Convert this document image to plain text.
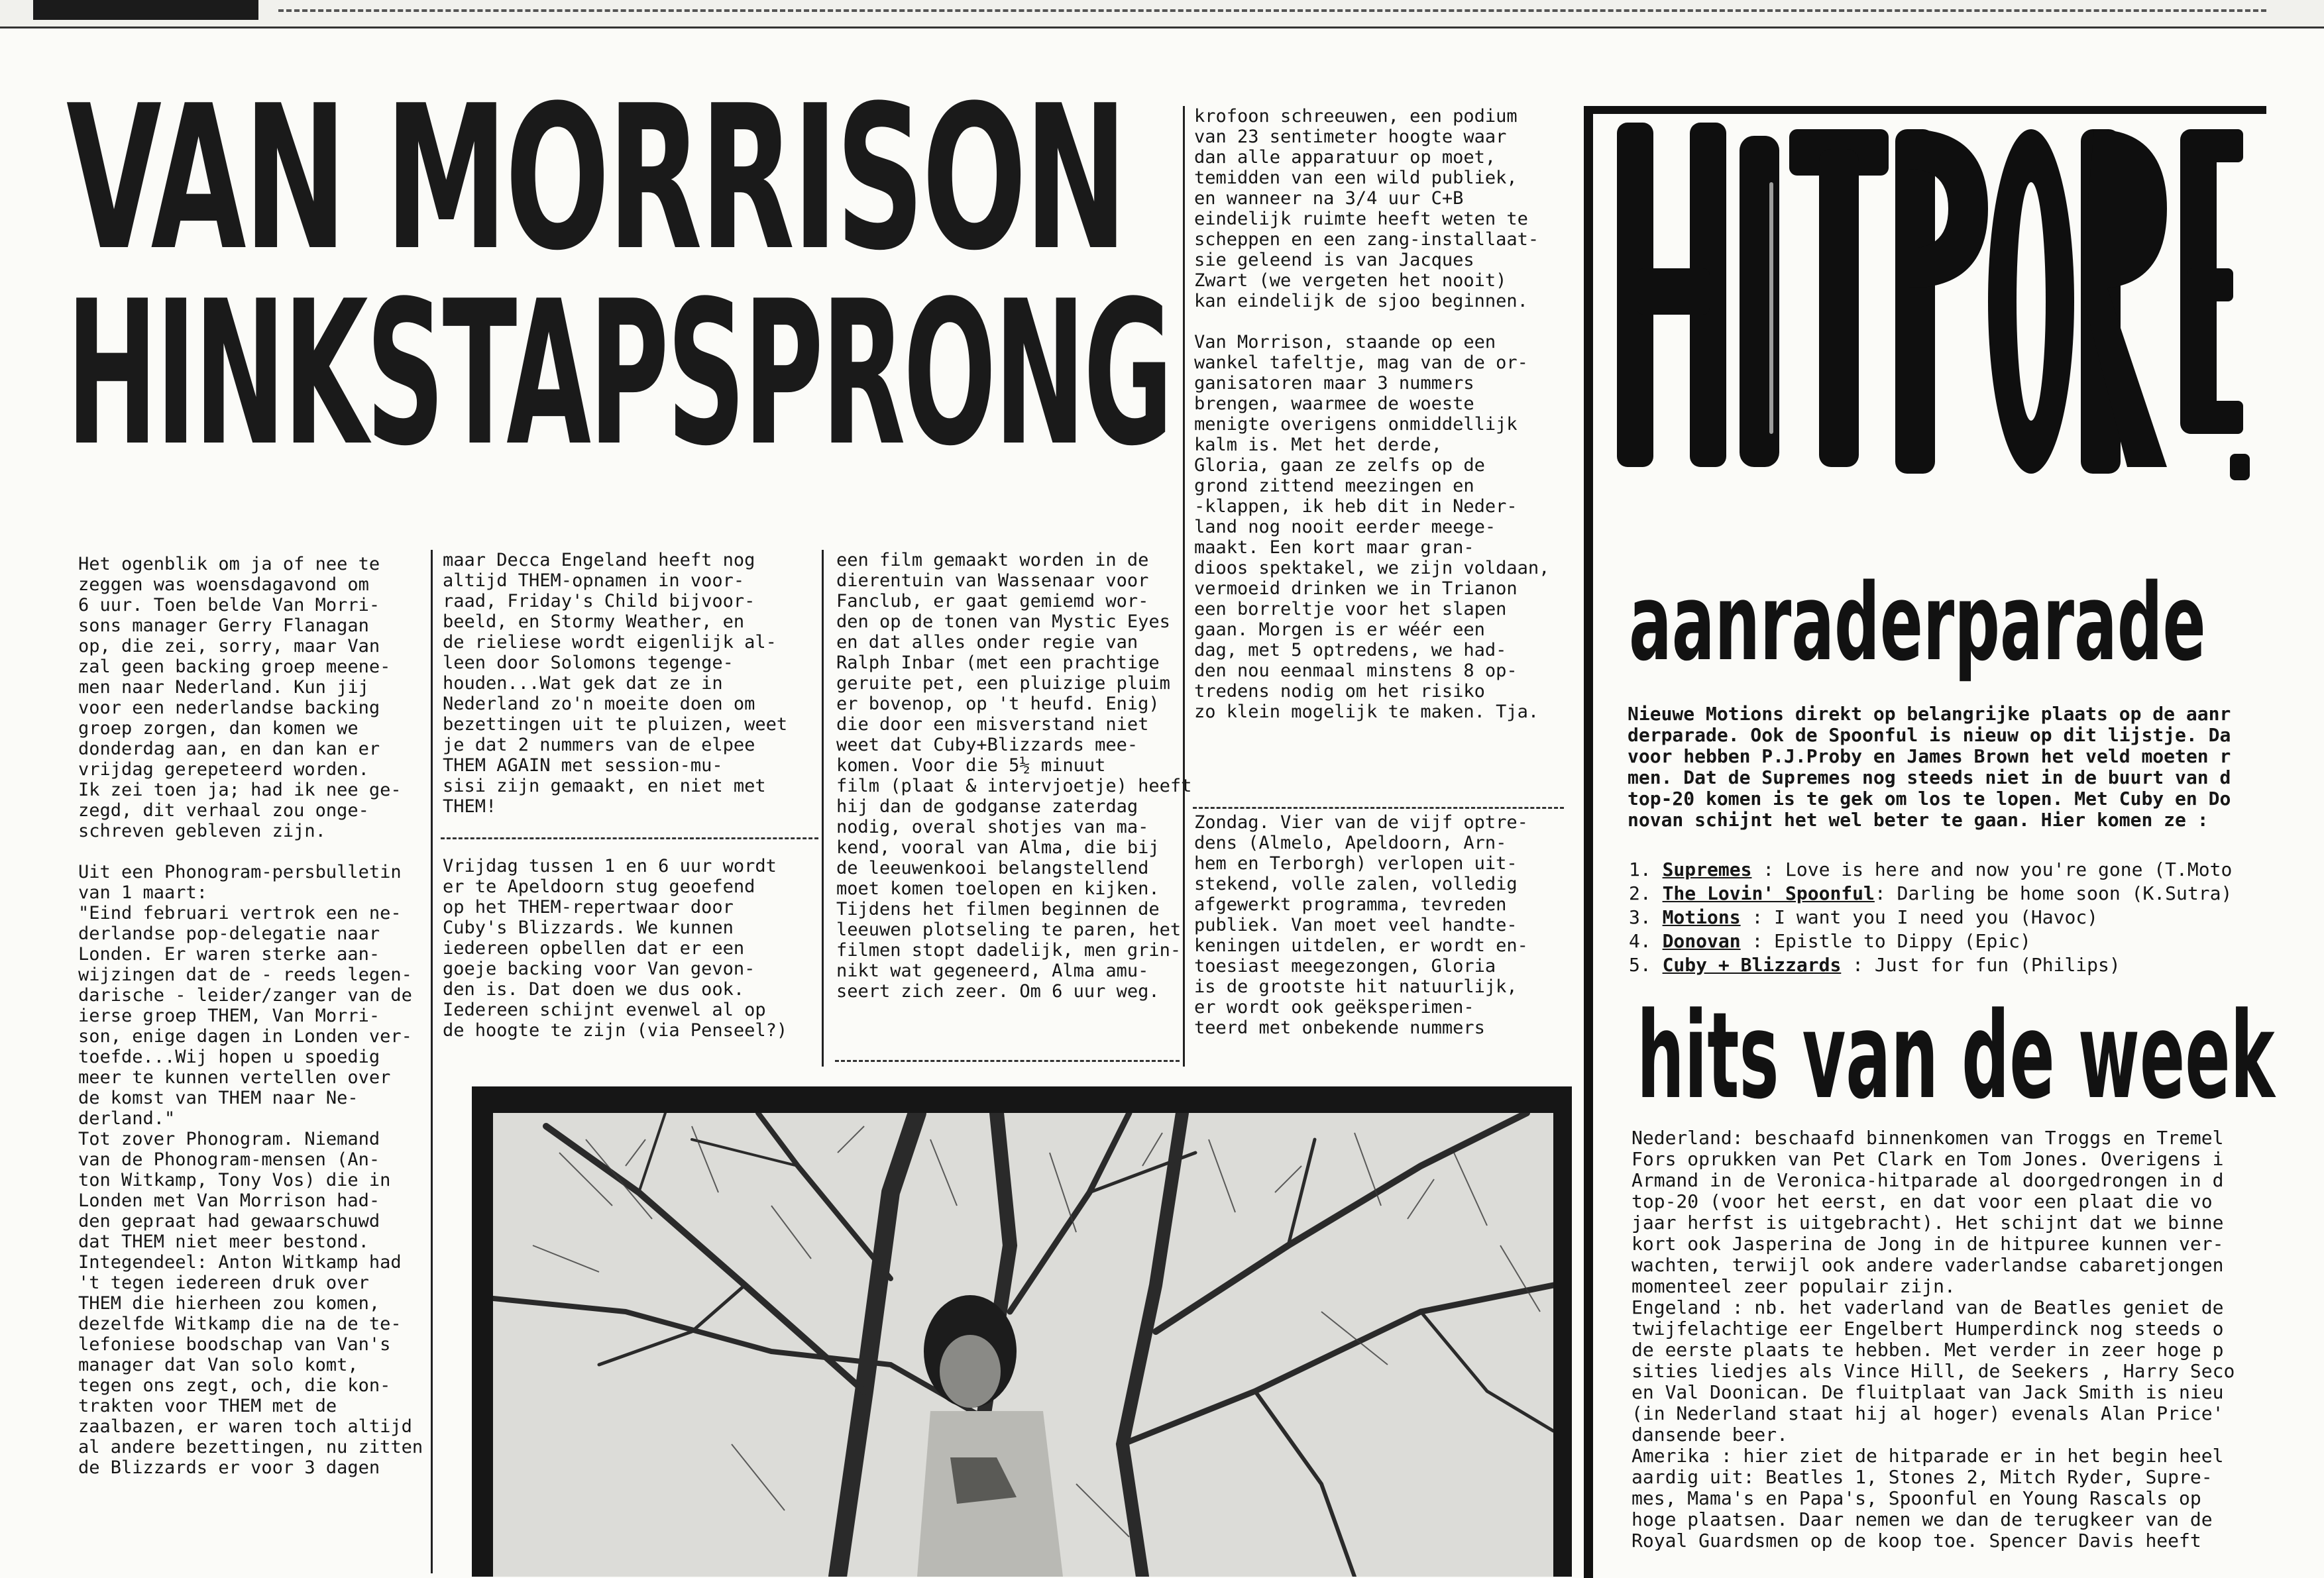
VAN MORRISON
HINKSTAPSPRONG
Het ogenblik om ja of nee te
zeggen was woensdagavond om
6 uur. Toen belde Van Morri-
sons manager Gerry Flanagan
op, die zei, sorry, maar Van
zal geen backing groep meene-
men naar Nederland. Kun jij
voor een nederlandse backing
groep zorgen, dan komen we
donderdag aan, en dan kan er
vrijdag gerepeteerd worden.
Ik zei toen ja; had ik nee ge-
zegd, dit verhaal zou onge-
schreven gebleven zijn.

Uit een Phonogram-persbulletin
van 1 maart:
"Eind februari vertrok een ne-
derlandse pop-delegatie naar
Londen. Er waren sterke aan-
wijzingen dat de - reeds legen-
darische - leider/zanger van de
ierse groep THEM, Van Morri-
son, enige dagen in Londen ver-
toefde...Wij hopen u spoedig
meer te kunnen vertellen over
de komst van THEM naar Ne-
derland."
Tot zover Phonogram. Niemand
van de Phonogram-mensen (An-
ton Witkamp, Tony Vos) die in
Londen met Van Morrison had-
den gepraat had gewaarschuwd
dat THEM niet meer bestond.
Integendeel: Anton Witkamp had
't tegen iedereen druk over
THEM die hierheen zou komen,
dezelfde Witkamp die na de te-
lefoniese boodschap van Van's
manager dat Van solo komt,
tegen ons zegt, och, die kon-
trakten voor THEM met de
zaalbazen, er waren toch altijd
al andere bezettingen, nu zitten
de Blizzards er voor 3 dagen
maar Decca Engeland heeft nog
altijd THEM-opnamen in voor-
raad, Friday's Child bijvoor-
beeld, en Stormy Weather, en
de rieliese wordt eigenlijk al-
leen door Solomons tegenge-
houden...Wat gek dat ze in
Nederland zo'n moeite doen om
bezettingen uit te pluizen, weet
je dat 2 nummers van de elpee
THEM AGAIN met session-mu-
sisi zijn gemaakt, en niet met
THEM!
Vrijdag tussen 1 en 6 uur wordt
er te Apeldoorn stug geoefend
op het THEM-repertwaar door
Cuby's Blizzards. We kunnen
iedereen opbellen dat er een
goeje backing voor Van gevon-
den is. Dat doen we dus ook.
Iedereen schijnt evenwel al op
de hoogte te zijn (via Penseel?)
een film gemaakt worden in de
dierentuin van Wassenaar voor
Fanclub, er gaat gemiemd wor-
den op de tonen van Mystic Eyes
en dat alles onder regie van
Ralph Inbar (met een prachtige
geruite pet, een pluizige pluim
er bovenop, op 't heufd. Enig)
die door een misverstand niet
weet dat Cuby+Blizzards mee-
komen. Voor die 5½ minuut
film (plaat & intervjoetje) heeft
hij dan de godganse zaterdag
nodig, overal shotjes van ma-
kend, vooral van Alma, die bij
de leeuwenkooi belangstellend
moet komen toelopen en kijken.
Tijdens het filmen beginnen de
leeuwen plotseling te paren, het
filmen stopt dadelijk, men grin-
nikt wat gegeneerd, Alma amu-
seert zich zeer. Om 6 uur weg.
krofoon schreeuwen, een podium
van 23 sentimeter hoogte waar
dan alle apparatuur op moet,
temidden van een wild publiek,
en wanneer na 3/4 uur C+B
eindelijk ruimte heeft weten te
scheppen en een zang-installaat-
sie geleend is van Jacques
Zwart (we vergeten het nooit)
kan eindelijk de sjoo beginnen.

Van Morrison, staande op een
wankel tafeltje, mag van de or-
ganisatoren maar 3 nummers
brengen, waarmee de woeste
menigte overigens onmiddellijk
kalm is. Met het derde,
Gloria, gaan ze zelfs op de
grond zittend meezingen en
-klappen, ik heb dit in Neder-
land nog nooit eerder meege-
maakt. Een kort maar gran-
dioos spektakel, we zijn voldaan,
vermoeid drinken we in Trianon
een borreltje voor het slapen
gaan. Morgen is er wéér een
dag, met 5 optredens, we had-
den nou eenmaal minstens 8 op-
tredens nodig om het risiko
zo klein mogelijk te maken. Tja.
Zondag. Vier van de vijf optre-
dens (Almelo, Apeldoorn, Arn-
hem en Terborgh) verlopen uit-
stekend, volle zalen, volledig
afgewerkt programma, tevreden
publiek. Van moet veel handte-
keningen uitdelen, er wordt en-
toesiast meegezongen, Gloria
is de grootste hit natuurlijk,
er wordt ook geëksperimen-
teerd met onbekende nummers
aanraderparade
Nieuwe Motions direkt op belangrijke plaats op de aanr
derparade. Ook de Spoonful is nieuw op dit lijstje. Da
voor hebben P.J.Proby en James Brown het veld moeten r
men. Dat de Supremes nog steeds niet in de buurt van d
top-20 komen is te gek om los te lopen. Met Cuby en Do
novan schijnt het wel beter te gaan. Hier komen ze :
1. Supremes : Love is here and now you're gone (T.Moto
2. The Lovin' Spoonful: Darling be home soon (K.Sutra)
3. Motions : I want you I need you (Havoc)
4. Donovan : Epistle to Dippy (Epic)
5. Cuby + Blizzards : Just for fun (Philips)
hits van de week
Nederland: beschaafd binnenkomen van Troggs en Tremel
Fors oprukken van Pet Clark en Tom Jones. Overigens i
Armand in de Veronica-hitparade al doorgedrongen in d
top-20 (voor het eerst, en dat voor een plaat die vo
jaar herfst is uitgebracht). Het schijnt dat we binne
kort ook Jasperina de Jong in de hitpuree kunnen ver-
wachten, terwijl ook andere vaderlandse cabaretjongen
momenteel zeer populair zijn.
Engeland : nb. het vaderland van de Beatles geniet de
twijfelachtige eer Engelbert Humperdinck nog steeds o
de eerste plaats te hebben. Met verder in zeer hoge p
sities liedjes als Vince Hill, de Seekers , Harry Seco
en Val Doonican. De fluitplaat van Jack Smith is nieu
(in Nederland staat hij al hoger) evenals Alan Price'
dansende beer.
Amerika : hier ziet de hitparade er in het begin heel
aardig uit: Beatles 1, Stones 2, Mitch Ryder, Supre-
mes, Mama's en Papa's, Spoonful en Young Rascals op
hoge plaatsen. Daar nemen we dan de terugkeer van de
Royal Guardsmen op de koop toe. Spencer Davis heeft
